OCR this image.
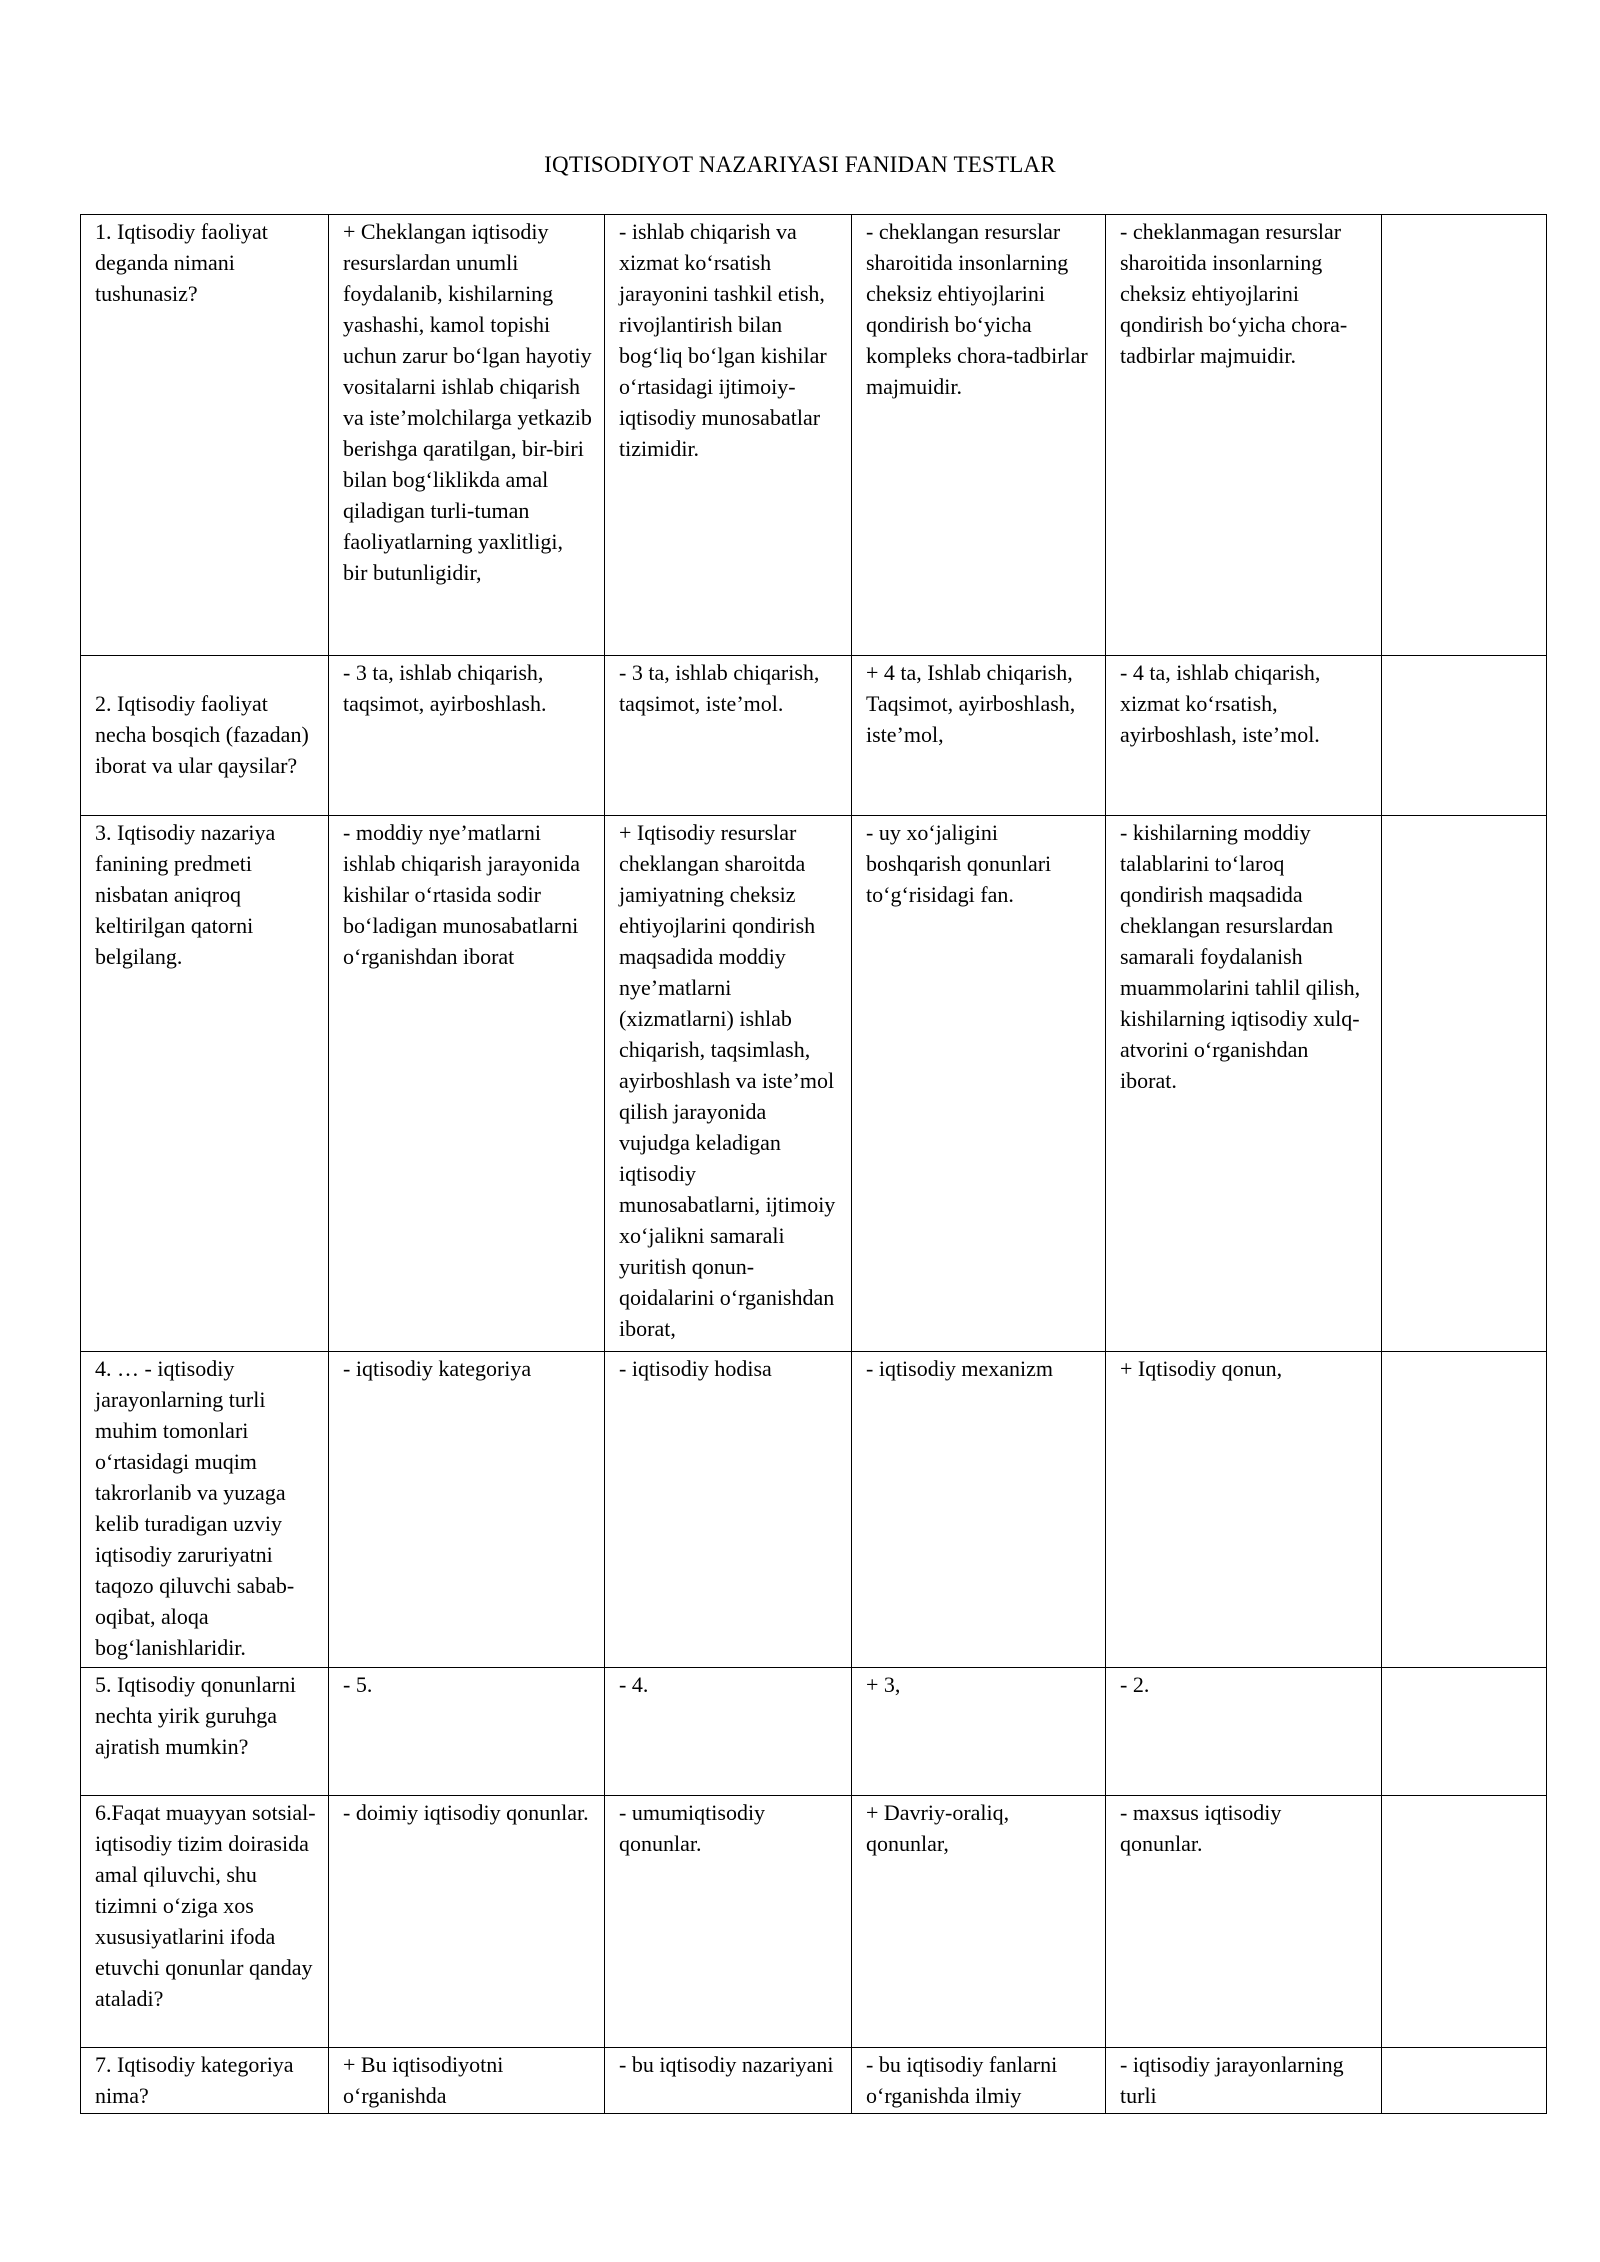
IQTISODIYOT NAZARIYASI FANIDAN TESTLAR
1. Iqtisodiy faoliyat deganda nimani tushunasiz?	+ Cheklangan iqtisodiy resurslardan unumli foydalanib, kishilarning yashashi, kamol topishi uchun zarur bo‘lgan hayotiy vositalarni ishlab chiqarish va iste’molchilarga yetkazib berishga qaratilgan, bir-biri bilan bog‘liklikda amal qiladigan turli-tuman faoliyatlarning yaxlitligi, bir butunligidir,	- ishlab chiqarish va xizmat ko‘rsatish jarayonini tashkil etish, rivojlantirish bilan bog‘liq bo‘lgan kishilar o‘rtasidagi ijtimoiy-iqtisodiy munosabatlar tizimidir.	- cheklangan resurslar sharoitida insonlarning cheksiz ehtiyojlarini qondirish bo‘yicha kompleks chora-tadbirlar majmuidir.	- cheklanmagan resurslar sharoitida insonlarning cheksiz ehtiyojlarini qondirish bo‘yicha chora-tadbirlar majmuidir.	

2. Iqtisodiy faoliyat necha bosqich (fazadan) iborat va ular qaysilar?	- 3 ta, ishlab chiqarish, taqsimot, ayirboshlash.	- 3 ta, ishlab chiqarish, taqsimot, iste’mol.	+ 4 ta, Ishlab chiqarish, Taqsimot, ayirboshlash, iste’mol,	- 4 ta, ishlab chiqarish, xizmat ko‘rsatish, ayirboshlash, iste’mol.	
3. Iqtisodiy nazariya fanining predmeti nisbatan aniqroq keltirilgan qatorni belgilang.	- moddiy nye’matlarni ishlab chiqarish jarayonida kishilar o‘rtasida sodir bo‘ladigan munosabatlarni o‘rganishdan iborat	+ Iqtisodiy resurslar cheklangan sharoitda jamiyatning cheksiz ehtiyojlarini qondirish maqsadida moddiy nye’matlarni (xizmatlarni) ishlab chiqarish, taqsimlash, ayirboshlash va iste’mol qilish jarayonida vujudga keladigan iqtisodiy munosabatlarni, ijtimoiy xo‘jalikni samarali yuritish qonun-qoidalarini o‘rganishdan iborat,	- uy xo‘jaligini boshqarish qonunlari to‘g‘risidagi fan.	- kishilarning moddiy talablarini to‘laroq qondirish maqsadida cheklangan resurslardan samarali foydalanish muammolarini tahlil qilish, kishilarning iqtisodiy xulq-atvorini o‘rganishdan iborat.	
4. … - iqtisodiy jarayonlarning turli muhim tomonlari o‘rtasidagi muqim takrorlanib va yuzaga kelib turadigan uzviy iqtisodiy zaruriyatni taqozo qiluvchi sabab-oqibat, aloqa bog‘lanishlaridir.	- iqtisodiy kategoriya	- iqtisodiy hodisa	- iqtisodiy mexanizm	+ Iqtisodiy qonun,	
5. Iqtisodiy qonunlarni nechta yirik guruhga ajratish mumkin?	- 5.	- 4.	+ 3,	- 2.	
6.Faqat muayyan sotsial-iqtisodiy tizim doirasida amal qiluvchi, shu tizimni o‘ziga xos xususiyatlarini ifoda etuvchi qonunlar qanday ataladi?	- doimiy iqtisodiy qonunlar.	- umumiqtisodiy qonunlar.	+ Davriy-oraliq, qonunlar,	- maxsus iqtisodiy qonunlar.	
7. Iqtisodiy kategoriya nima?	+ Bu iqtisodiyotni o‘rganishda	- bu iqtisodiy nazariyani	- bu iqtisodiy fanlarni o‘rganishda ilmiy	- iqtisodiy jarayonlarning turli	
